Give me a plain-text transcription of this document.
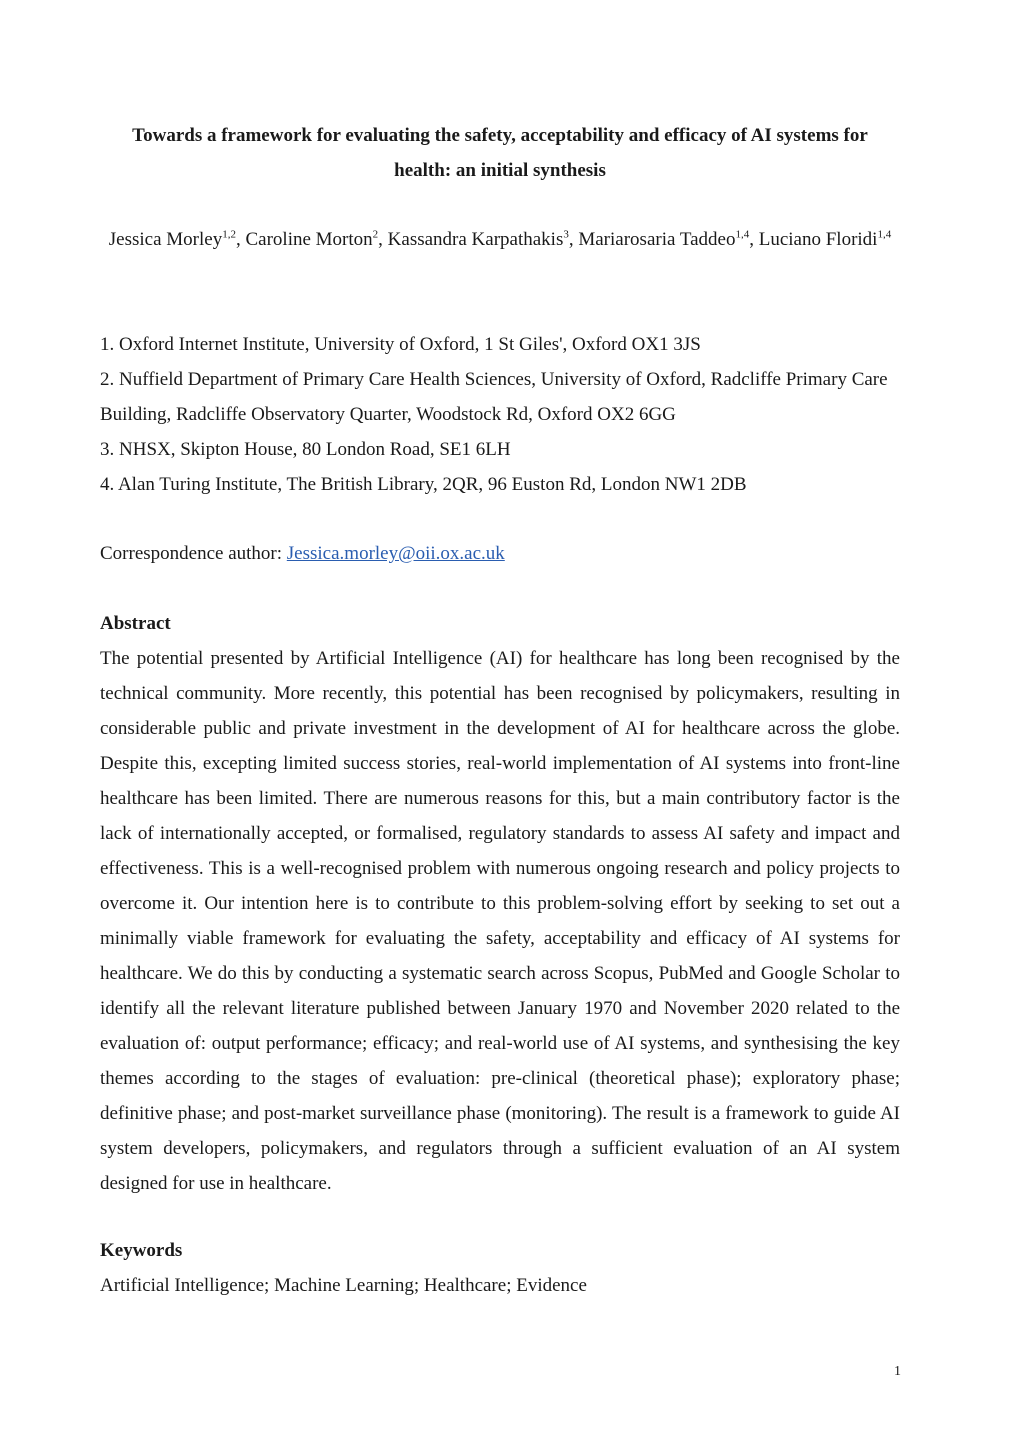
Towards a framework for evaluating the safety, acceptability and efficacy of AI systems for
health: an initial synthesis

Jessica Morley$^{1,2}$, Caroline Morton$^2$, Kassandra Karpathakis$^3$, Mariarosaria Taddeo$^{1,4}$, Luciano Floridi$^{1,4}$

1. Oxford Internet Institute, University of Oxford, 1 St Giles', Oxford OX1 3JS

2. Nuffield Department of Primary Care Health Sciences, University of Oxford, Radcliffe Primary Care Building, Radcliffe Observatory Quarter, Woodstock Rd, Oxford OX2 6GG

3. NHSX, Skipton House, 80 London Road, SE1 6LH

4. Alan Turing Institute, The British Library, 2QR, 96 Euston Rd, London NW1 2DB

Correspondence author: Jessica.morley@oii.ox.ac.uk

Abstract

The potential presented by Artificial Intelligence (AI) for healthcare has long been recognised by the technical community. More recently, this potential has been recognised by policymakers, resulting in considerable public and private investment in the development of AI for healthcare across the globe. Despite this, excepting limited success stories, real-world implementation of AI systems into front-line healthcare has been limited. There are numerous reasons for this, but a main contributory factor is the lack of internationally accepted, or formalised, regulatory standards to assess AI safety and impact and effectiveness. This is a well-recognised problem with numerous ongoing research and policy projects to overcome it. Our intention here is to contribute to this problem-solving effort by seeking to set out a minimally viable framework for evaluating the safety, acceptability and efficacy of AI systems for healthcare. We do this by conducting a systematic search across Scopus, PubMed and Google Scholar to identify all the relevant literature published between January 1970 and November 2020 related to the evaluation of: output performance; efficacy; and real-world use of AI systems, and synthesising the key themes according to the stages of evaluation: pre-clinical (theoretical phase); exploratory phase; definitive phase; and post-market surveillance phase (monitoring). The result is a framework to guide AI system developers, policymakers, and regulators through a sufficient evaluation of an AI system designed for use in healthcare.

Keywords

Artificial Intelligence; Machine Learning; Healthcare; Evidence

1
